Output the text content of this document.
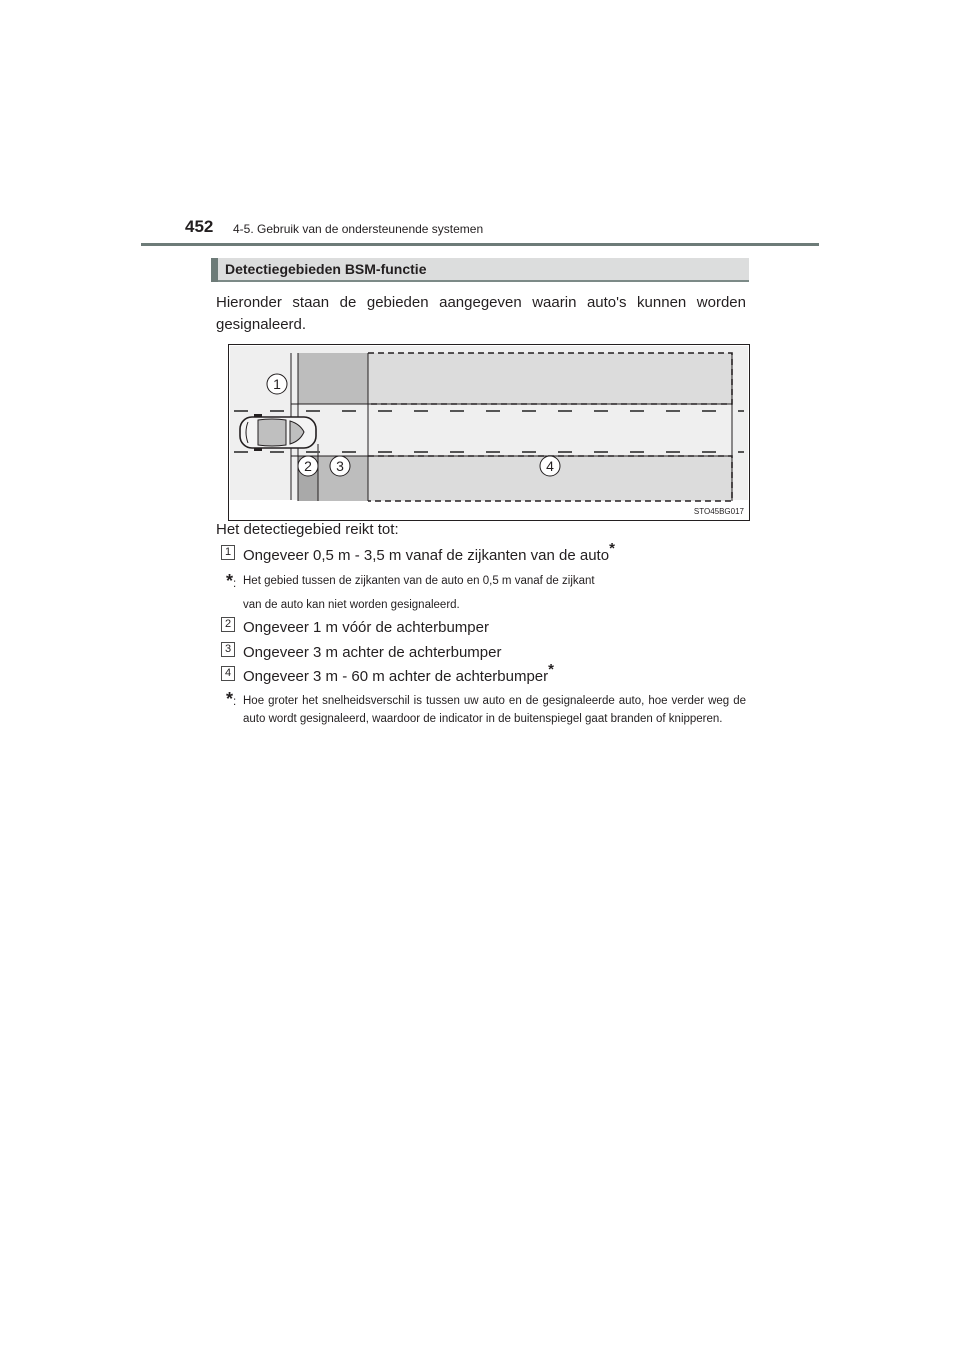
452 4-5. Gebruik van de ondersteunende systemen
Detectiegebieden BSM-functie
Hieronder staan de gebieden aangegeven waarin auto's kunnen worden gesignaleerd.
1
2 3	4
STO45BG017
Het detectiegebied reikt tot:
1 Ongeveer 0,5 m - 3,5 m vanaf de zijkanten van de auto*
*: Het gebied tussen de zijkanten van de auto en 0,5 m vanaf de zijkant
van de auto kan niet worden gesignaleerd.
2 Ongeveer 1 m vóór de achterbumper
3 Ongeveer 3 m achter de achterbumper
4 Ongeveer 3 m - 60 m achter de achterbumper*
*: Hoe groter het snelheidsverschil is tussen uw auto en de gesignaleerde auto, hoe verder weg de auto wordt gesignaleerd, waardoor de indicator in de buitenspiegel gaat branden of knipperen.
